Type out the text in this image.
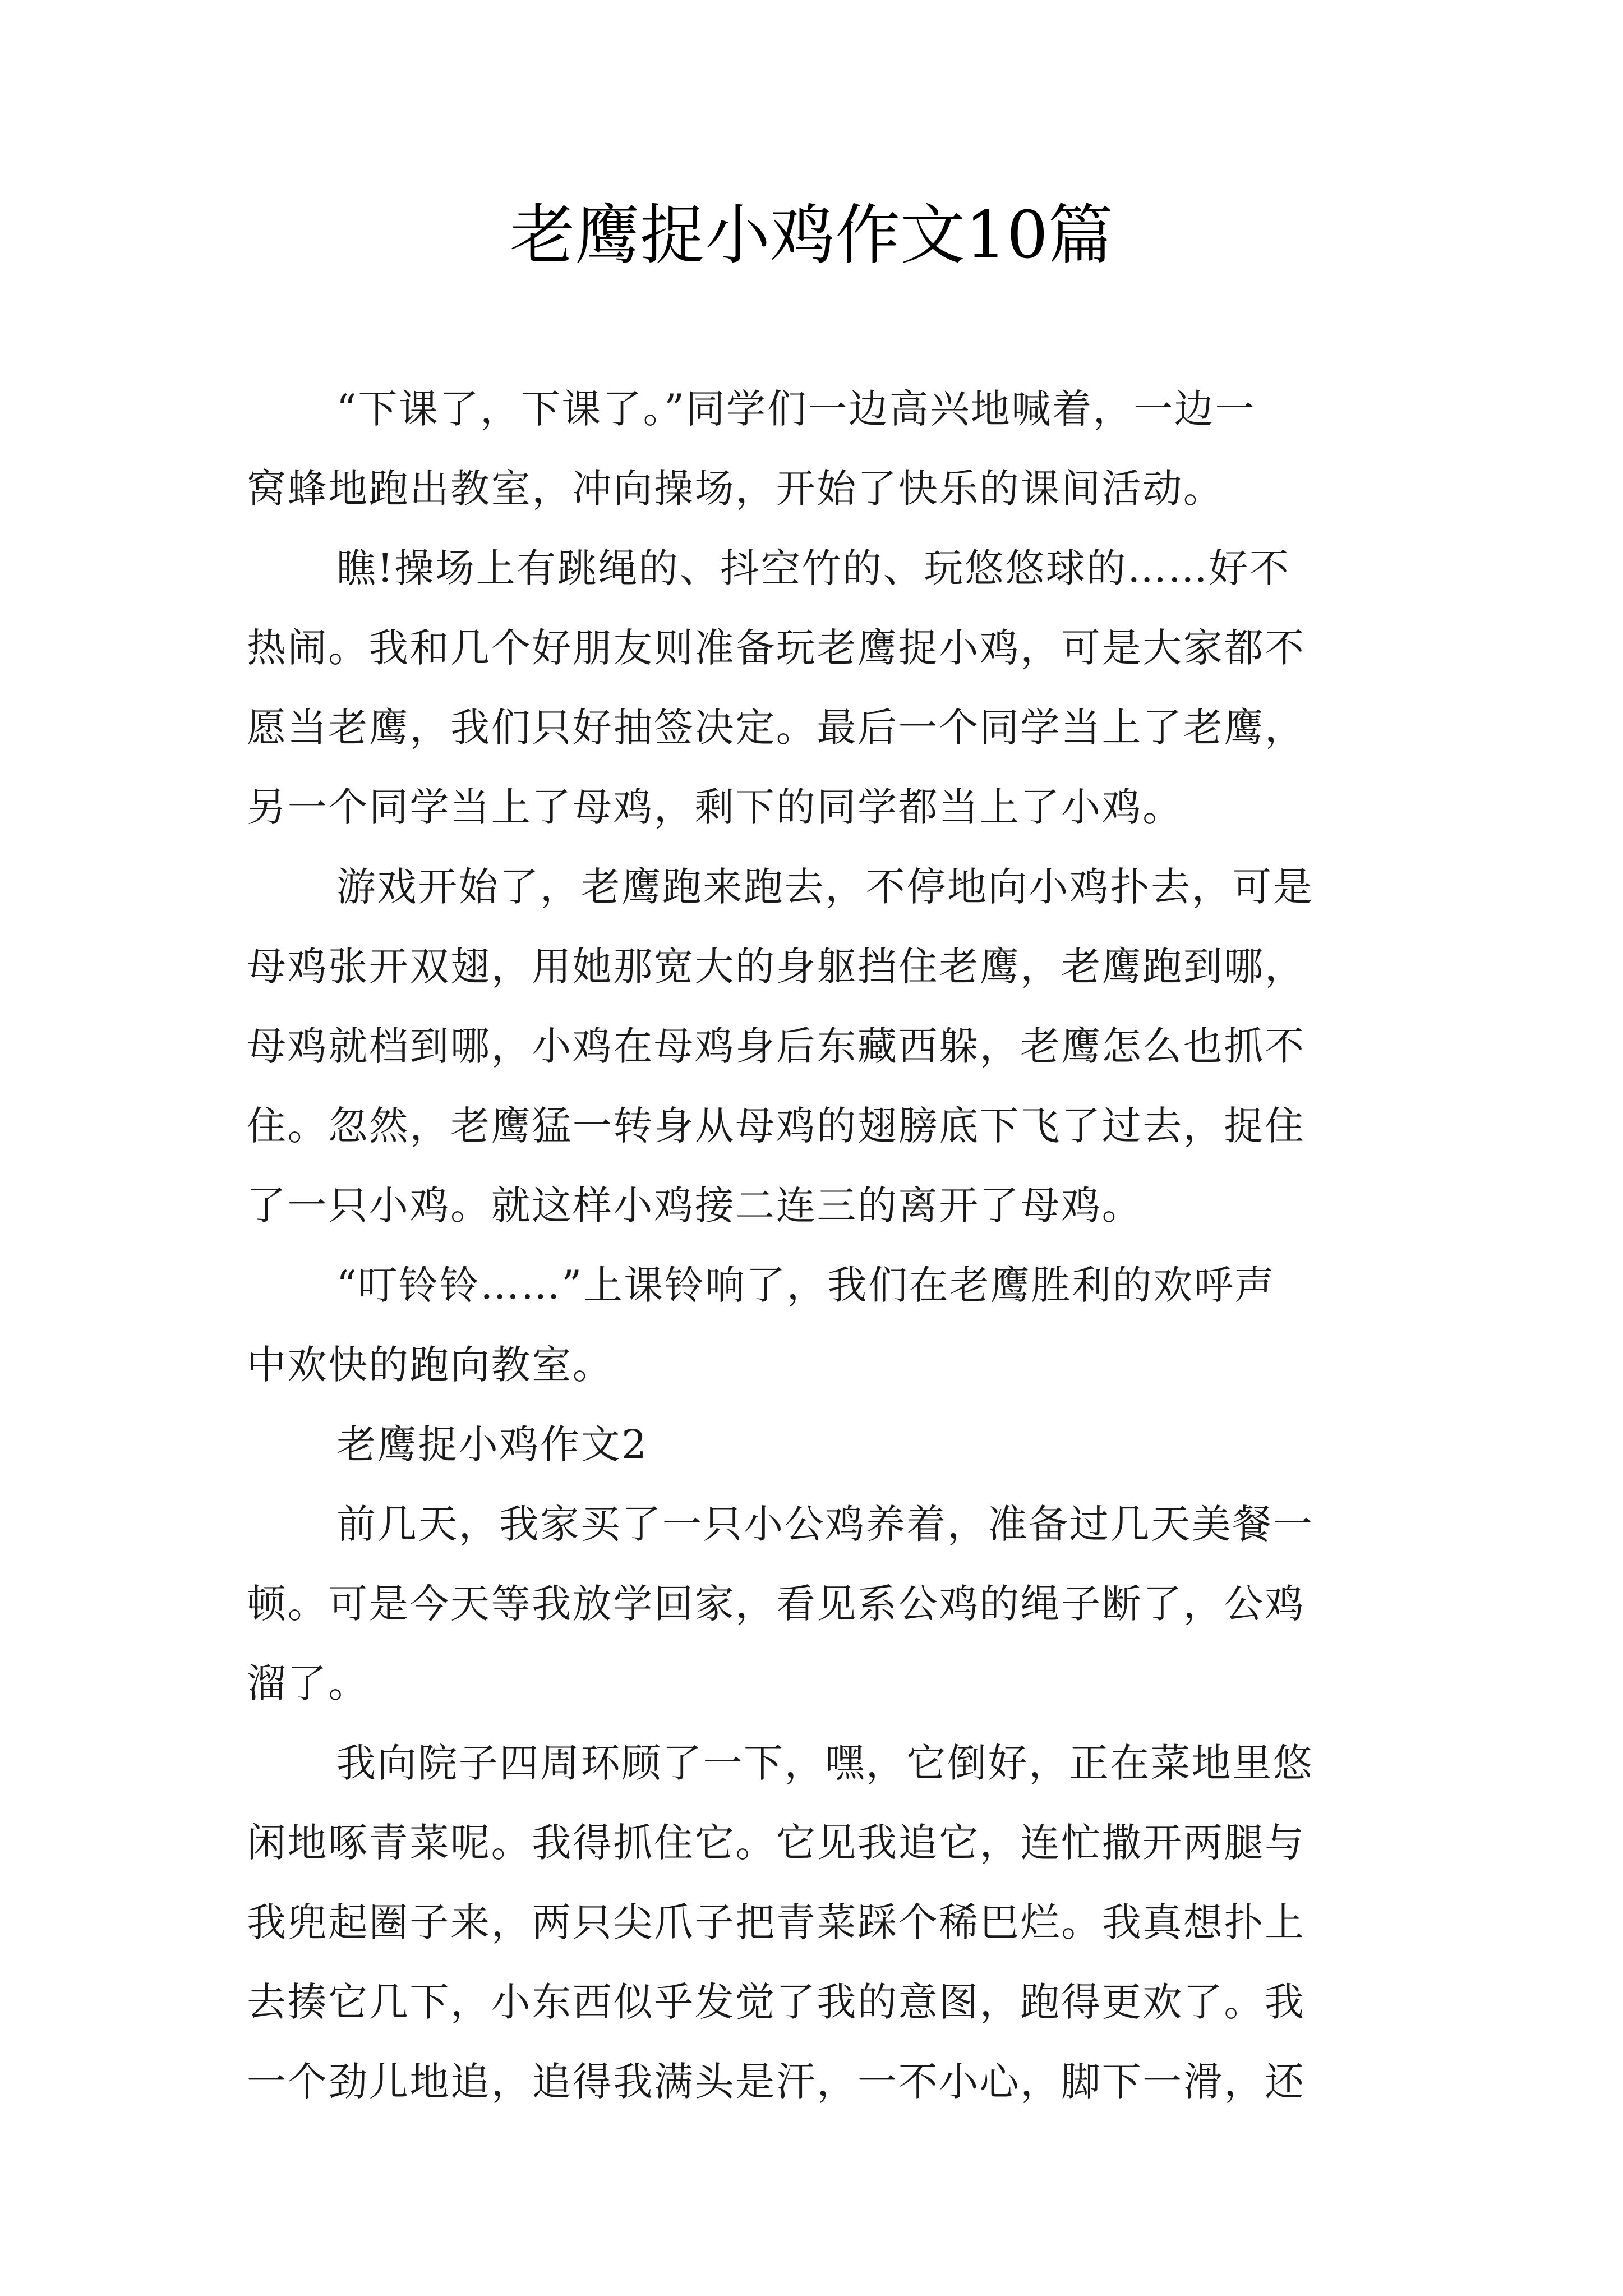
老鹰捉小鸡作文10篇

“下课了，下课了。”同学们一边高兴地喊着，一边一
窝蜂地跑出教室，冲向操场，开始了快乐的课间活动。

瞧!操场上有跳绳的、抖空竹的、玩悠悠球的……好不
热闹。我和几个好朋友则准备玩老鹰捉小鸡，可是大家都不
愿当老鹰，我们只好抽签决定。最后一个同学当上了老鹰，
另一个同学当上了母鸡，剩下的同学都当上了小鸡。

游戏开始了，老鹰跑来跑去，不停地向小鸡扑去，可是
母鸡张开双翅，用她那宽大的身躯挡住老鹰，老鹰跑到哪，
母鸡就档到哪，小鸡在母鸡身后东藏西躲，老鹰怎么也抓不
住。忽然，老鹰猛一转身从母鸡的翅膀底下飞了过去，捉住
了一只小鸡。就这样小鸡接二连三的离开了母鸡。

“叮铃铃……”上课铃响了，我们在老鹰胜利的欢呼声
中欢快的跑向教室。

老鹰捉小鸡作文2

前几天，我家买了一只小公鸡养着，准备过几天美餐一
顿。可是今天等我放学回家，看见系公鸡的绳子断了，公鸡
溜了。

我向院子四周环顾了一下，嘿，它倒好，正在菜地里悠
闲地啄青菜呢。我得抓住它。它见我追它，连忙撒开两腿与
我兜起圈子来，两只尖爪子把青菜踩个稀巴烂。我真想扑上
去揍它几下，小东西似乎发觉了我的意图，跑得更欢了。我
一个劲儿地追，追得我满头是汗，一不小心，脚下一滑，还
